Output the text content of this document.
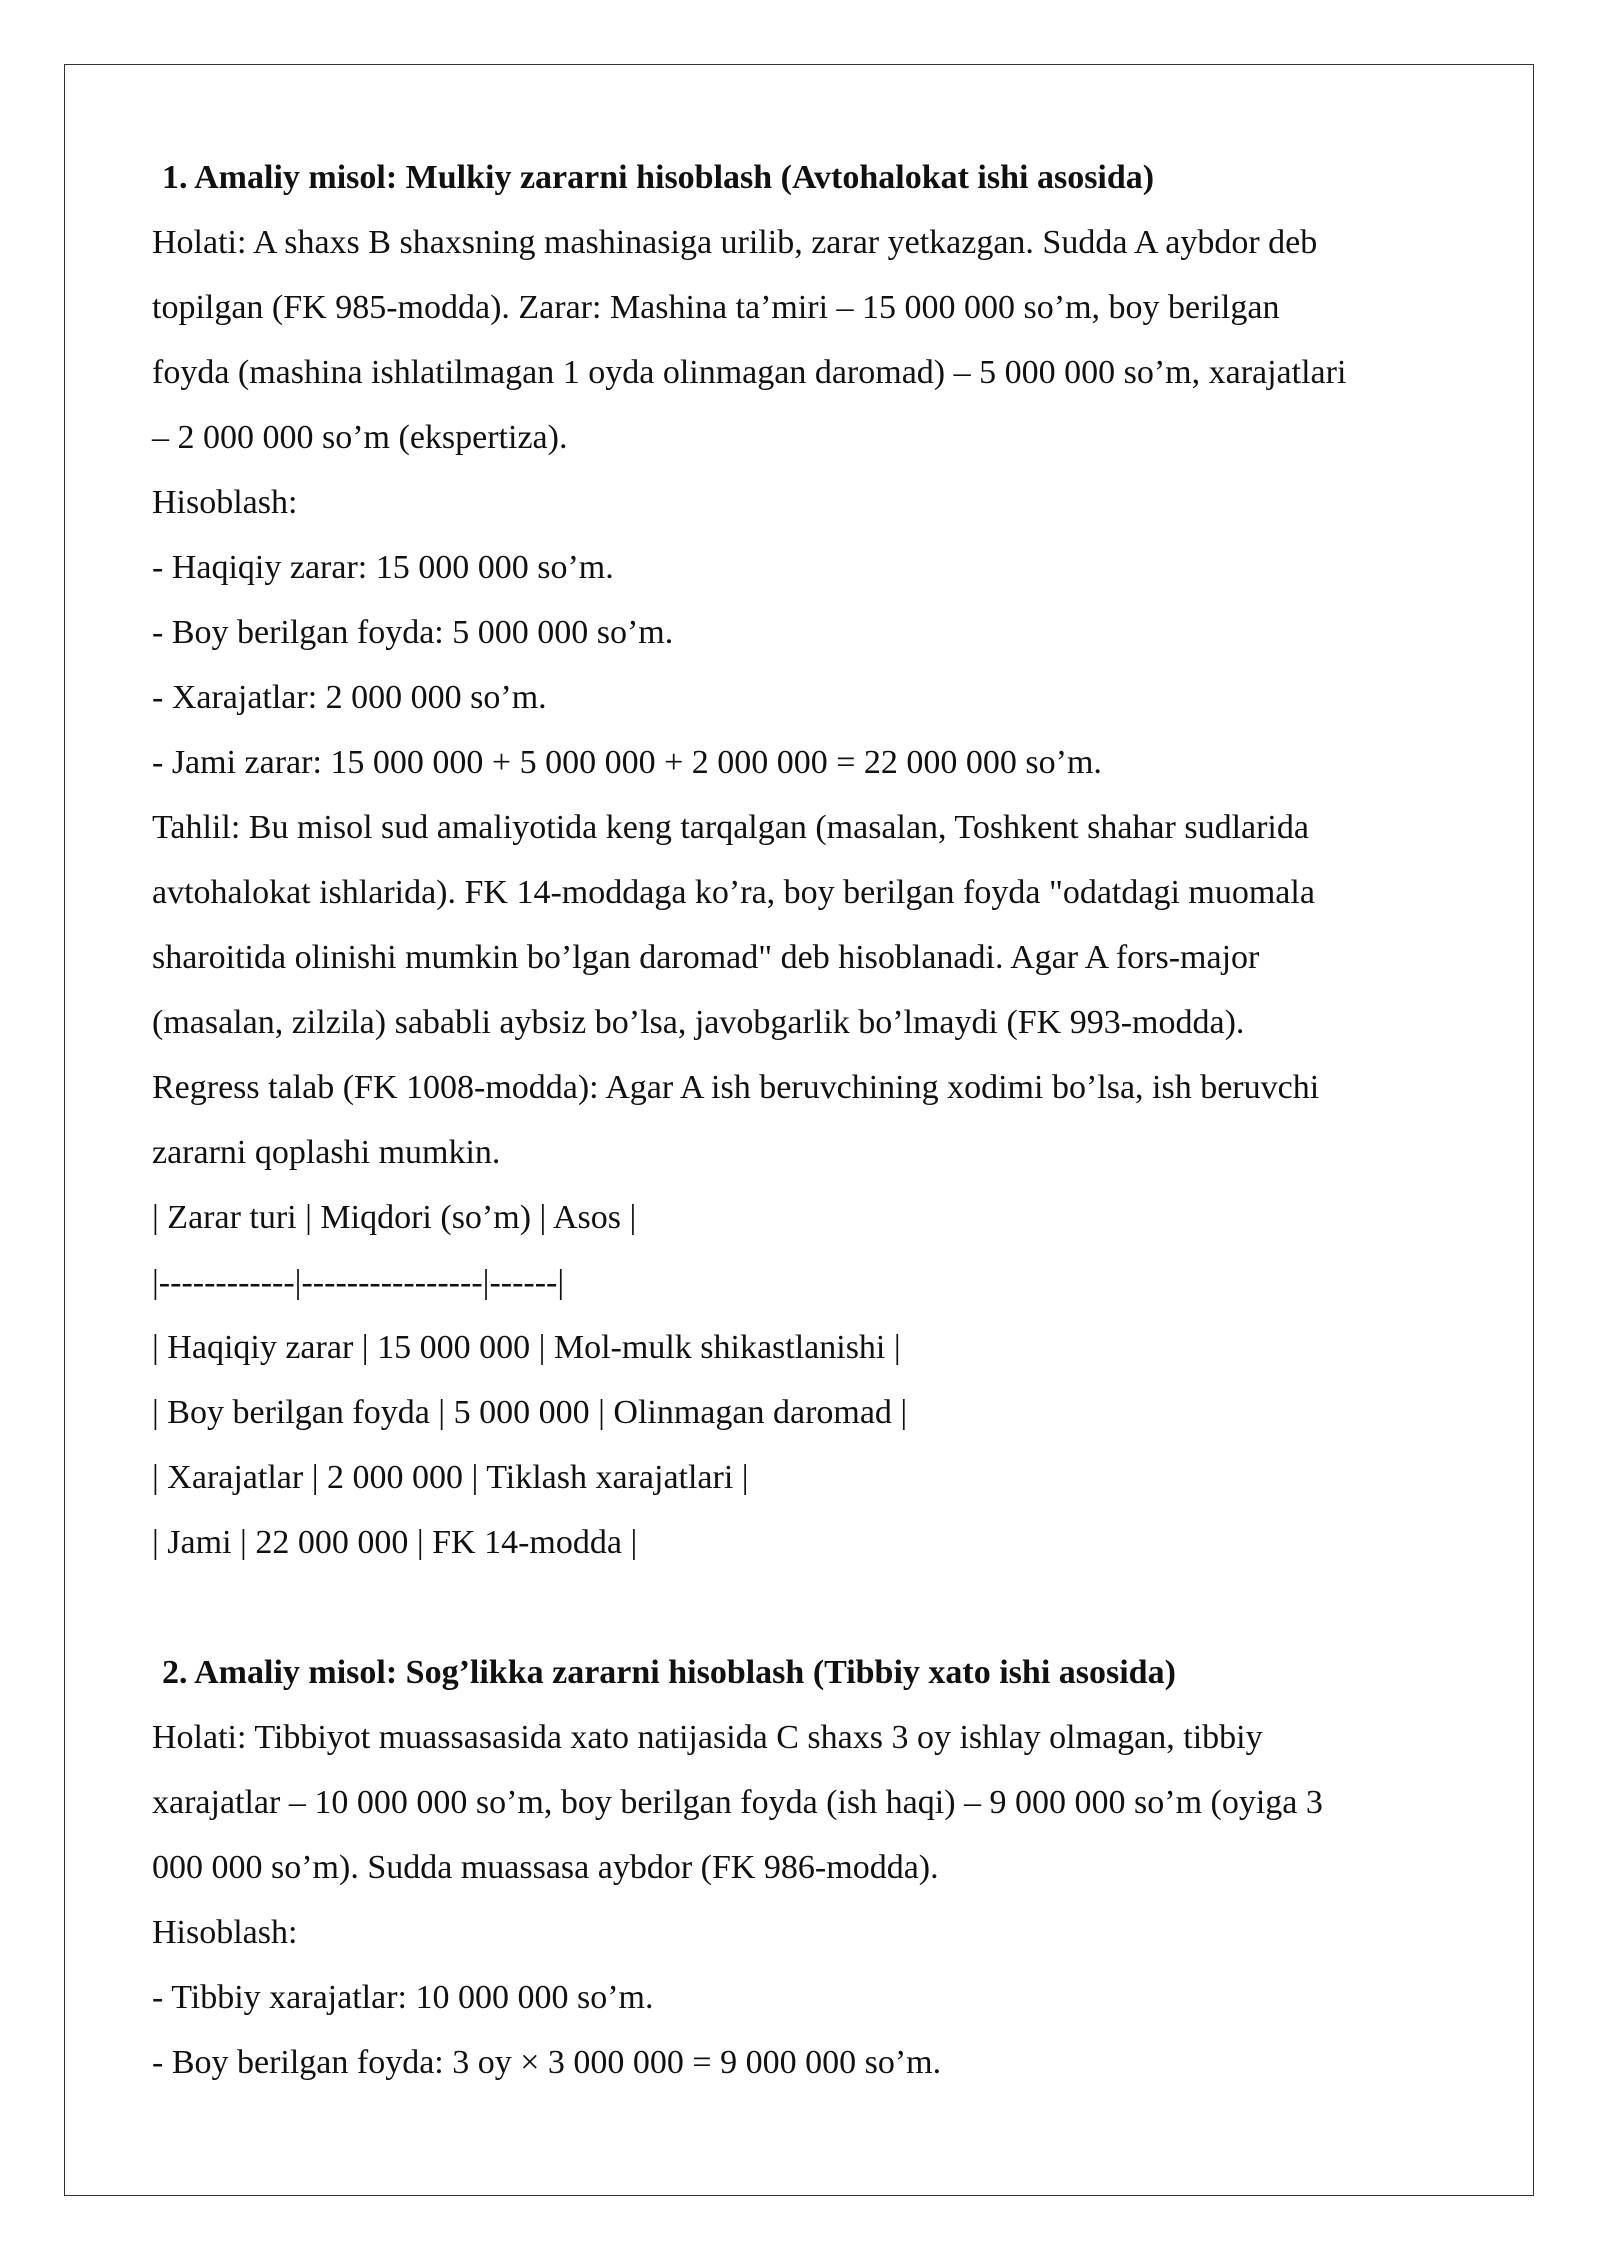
1. Amaliy misol: Mulkiy zararni hisoblash (Avtohalokat ishi asosida)
Holati: A shaxs B shaxsning mashinasiga urilib, zarar yetkazgan. Sudda A aybdor deb
topilgan (FK 985-modda). Zarar: Mashina ta’miri – 15 000 000 so’m, boy berilgan
foyda (mashina ishlatilmagan 1 oyda olinmagan daromad) – 5 000 000 so’m, xarajatlari
– 2 000 000 so’m (ekspertiza).
Hisoblash:
- Haqiqiy zarar: 15 000 000 so’m.
- Boy berilgan foyda: 5 000 000 so’m.
- Xarajatlar: 2 000 000 so’m.
- Jami zarar: 15 000 000 + 5 000 000 + 2 000 000 = 22 000 000 so’m.
Tahlil: Bu misol sud amaliyotida keng tarqalgan (masalan, Toshkent shahar sudlarida
avtohalokat ishlarida). FK 14-moddaga ko’ra, boy berilgan foyda "odatdagi muomala
sharoitida olinishi mumkin bo’lgan daromad" deb hisoblanadi. Agar A fors-major
(masalan, zilzila) sababli aybsiz bo’lsa, javobgarlik bo’lmaydi (FK 993-modda).
Regress talab (FK 1008-modda): Agar A ish beruvchining xodimi bo’lsa, ish beruvchi
zararni qoplashi mumkin.
| Zarar turi | Miqdori (so’m) | Asos |
|------------|----------------|------|
| Haqiqiy zarar | 15 000 000 | Mol-mulk shikastlanishi |
| Boy berilgan foyda | 5 000 000 | Olinmagan daromad |
| Xarajatlar | 2 000 000 | Tiklash xarajatlari |
| Jami | 22 000 000 | FK 14-modda |
2. Amaliy misol: Sog’likka zararni hisoblash (Tibbiy xato ishi asosida)
Holati: Tibbiyot muassasasida xato natijasida C shaxs 3 oy ishlay olmagan, tibbiy
xarajatlar – 10 000 000 so’m, boy berilgan foyda (ish haqi) – 9 000 000 so’m (oyiga 3
000 000 so’m). Sudda muassasa aybdor (FK 986-modda).
Hisoblash:
- Tibbiy xarajatlar: 10 000 000 so’m.
- Boy berilgan foyda: 3 oy × 3 000 000 = 9 000 000 so’m.
